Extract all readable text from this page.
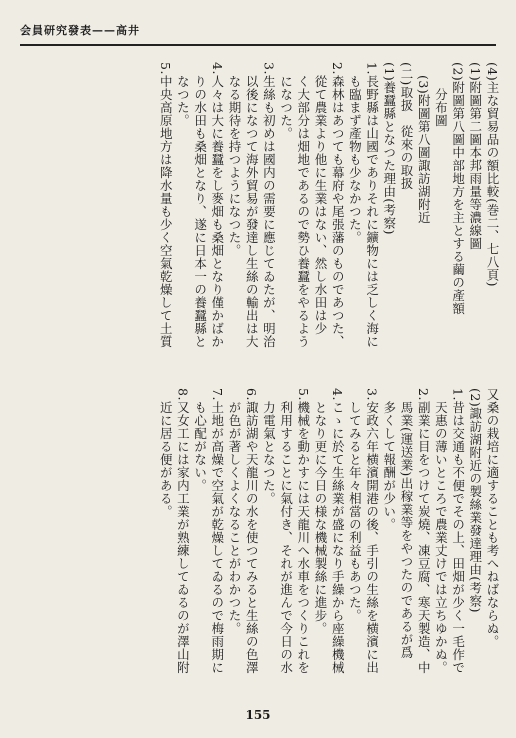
会員研究發表——高井
(4)主な貿易品の額比較(巻二、七八頁)
(1)附圖第二圖本邦雨量等濃線圖
(2)附圖第八圖中部地方を主とする繭の產額
　　分布圖
　(3)附圖第八圖諏訪湖附近
(二)取扱　從來の取扱
(1)養蠶縣となつた理由(考察)
1.長野縣は山國でありそれに鑛物には乏しく海に
　も臨まず產物も少なかつた。
2.森林はあつても幕府や尾張藩のものであつた、
　從て農業より他に生業はない、然し水田は少
　く大部分は畑地であるので勢ひ養蠶をやるよう
　になつた。
3.生絲も初めは國内の需要に應じてゐたが、明治
　以後になつて海外貿易が發達し生絲の輸出は大
　なる期待を持つようになつた。
4.人々は大に養蠶をし麥畑も桑畑となり僅かばか
　りの水田も桑畑となり、遂に日本一の養蠶縣と
　なつた。
5.中央高原地方は降水量も少く空氣乾燥して土質
又桑の栽培に適することも考へねばならぬ。
(2)諏訪湖附近の製絲業發達理由(考察)
1.昔は交通も不便でその上、田畑が少く一毛作で
　天惠の薄いところで農業丈けでは立ちゆかぬ。
2.副業に目をつけて炭燒、凍豆腐、寒天製造、中
　馬業(運送業)出稼業等をやつたのであるが爲
　多くして報酬が少い。
3.安政六年横濱開港の後、手引の生絲を横濱に出
　してみると年々相當の利益もあつた。
4.こゝに於て生絲業が盛になり手繰から座繰機械
　となり更に今日の様な機械製絲に進步。
5.機械を動かすには天龍川へ水車をつくりこれを
　利用することに氣付き、それが進んで今日の水
　力電氣となつた。
6.諏訪湖や天龍川の水を使つてみると生絲の色澤
　が色が著しくよくなることがわかつた。
7.土地が高燥で空氣が乾燥してゐるので梅雨期に
　も心配がない。
8.又女工には家内工業が熟練してゐるのが澤山附
　近に居る便がある。
155
